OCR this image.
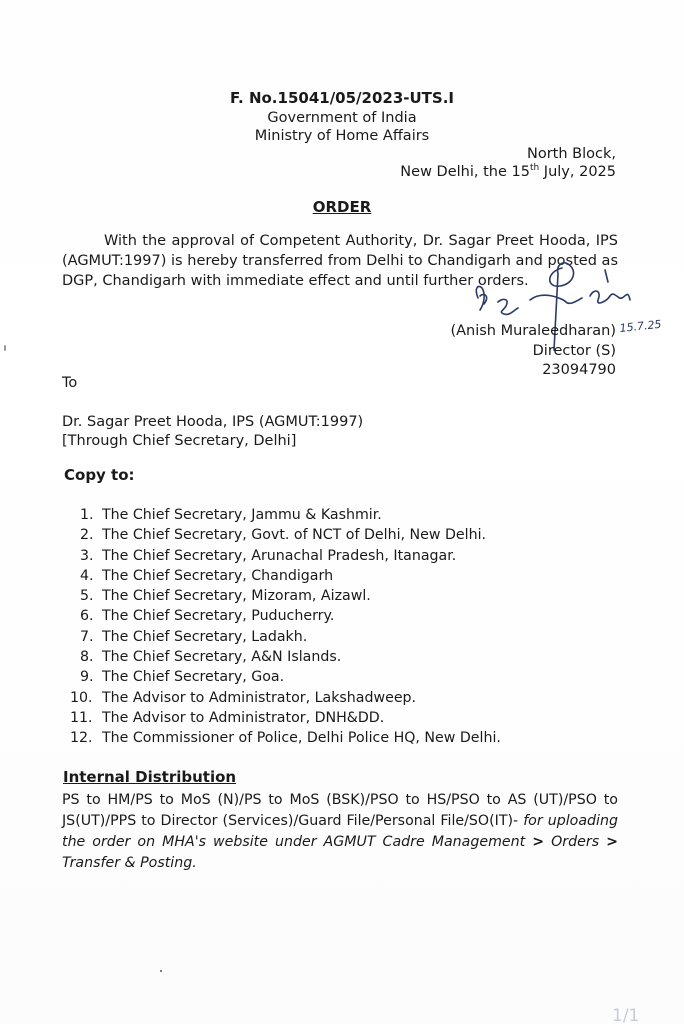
F. No.15041/05/2023-UTS.I
Government of India
Ministry of Home Affairs
North Block,
New Delhi, the 15th July, 2025
ORDER

With the approval of Competent Authority, Dr. Sagar Preet Hooda, IPS (AGMUT:1997) is hereby transferred from Delhi to Chandigarh and posted as DGP, Chandigarh with immediate effect and until further orders.

15.7.25
(Anish Muraleedharan)
Director (S)
23094790
To
Dr. Sagar Preet Hooda, IPS (AGMUT:1997)
[Through Chief Secretary, Delhi]
Copy to:
1. The Chief Secretary, Jammu & Kashmir.
2. The Chief Secretary, Govt. of NCT of Delhi, New Delhi.
3. The Chief Secretary, Arunachal Pradesh, Itanagar.
4. The Chief Secretary, Chandigarh
5. The Chief Secretary, Mizoram, Aizawl.
6. The Chief Secretary, Puducherry.
7. The Chief Secretary, Ladakh.
8. The Chief Secretary, A&N Islands.
9. The Chief Secretary, Goa.
10. The Advisor to Administrator, Lakshadweep.
11. The Advisor to Administrator, DNH&DD.
12. The Commissioner of Police, Delhi Police HQ, New Delhi.
Internal Distribution

PS to HM/PS to MoS (N)/PS to MoS (BSK)/PSO to HS/PSO to AS (UT)/PSO to JS(UT)/PPS to Director (Services)/Guard File/Personal File/SO(IT)- for uploading the order on MHA's website under AGMUT Cadre Management > Orders > Transfer & Posting.

1/1
